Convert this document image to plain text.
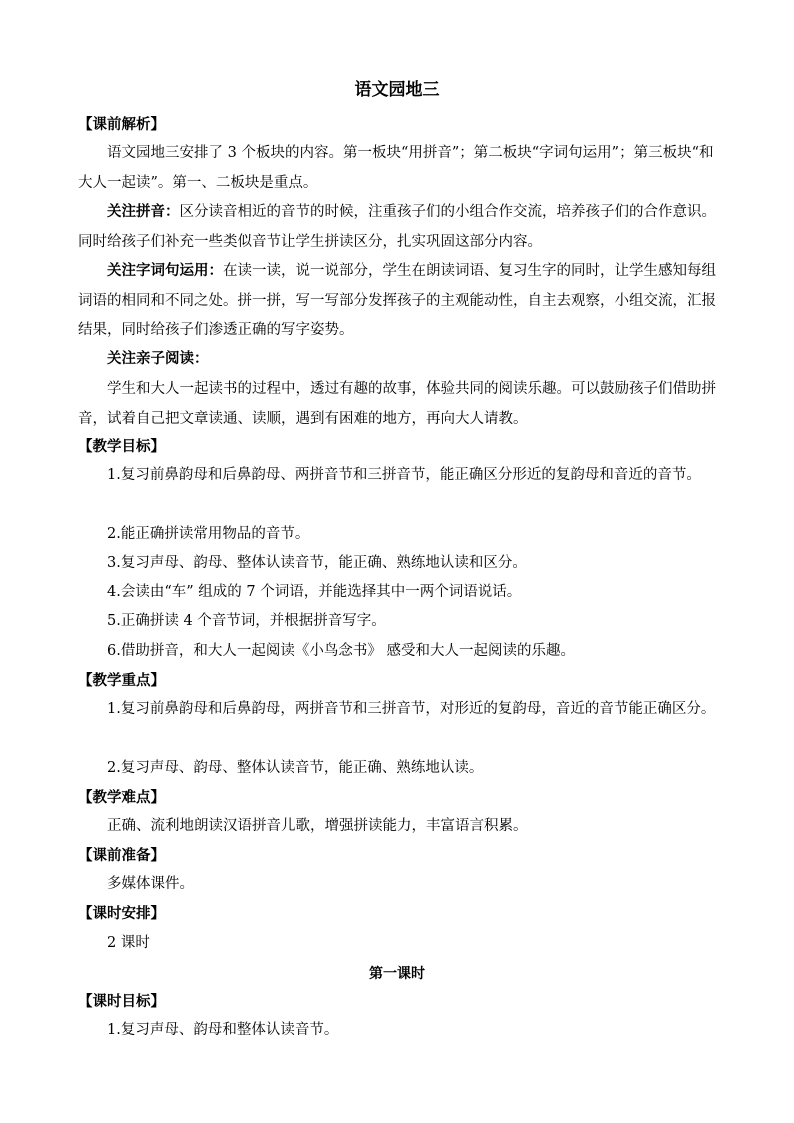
语文园地三
【课前解析】

语文园地三安排了 3 个板块的内容。第一板块“用拼音”；第二板块“字词句运用”；第三板块“和大人一起读”。第一、二板块是重点。

关注拼音：区分读音相近的音节的时候，注重孩子们的小组合作交流，培养孩子们的合作意识。同时给孩子们补充一些类似音节让学生拼读区分，扎实巩固这部分内容。

关注字词句运用：在读一读，说一说部分，学生在朗读词语、复习生字的同时，让学生感知每组词语的相同和不同之处。拼一拼，写一写部分发挥孩子的主观能动性，自主去观察，小组交流，汇报结果，同时给孩子们渗透正确的写字姿势。

关注亲子阅读：

学生和大人一起读书的过程中，透过有趣的故事，体验共同的阅读乐趣。可以鼓励孩子们借助拼音，试着自己把文章读通、读顺，遇到有困难的地方，再向大人请教。

【教学目标】

1.复习前鼻韵母和后鼻韵母、两拼音节和三拼音节，能正确区分形近的复韵母和音近的音节。

2.能正确拼读常用物品的音节。

3.复习声母、韵母、整体认读音节，能正确、熟练地认读和区分。

4.会读由“车” 组成的 7 个词语，并能选择其中一两个词语说话。

5.正确拼读 4 个音节词，并根据拼音写字。

6.借助拼音，和大人一起阅读《小鸟念书》 感受和大人一起阅读的乐趣。

【教学重点】

1.复习前鼻韵母和后鼻韵母，两拼音节和三拼音节，对形近的复韵母，音近的音节能正确区分。

2.复习声母、韵母、整体认读音节，能正确、熟练地认读。

【教学难点】

正确、流利地朗读汉语拼音儿歌，增强拼读能力，丰富语言积累。

【课前准备】

多媒体课件。

【课时安排】

2 课时

第一课时
【课时目标】

1.复习声母、韵母和整体认读音节。
